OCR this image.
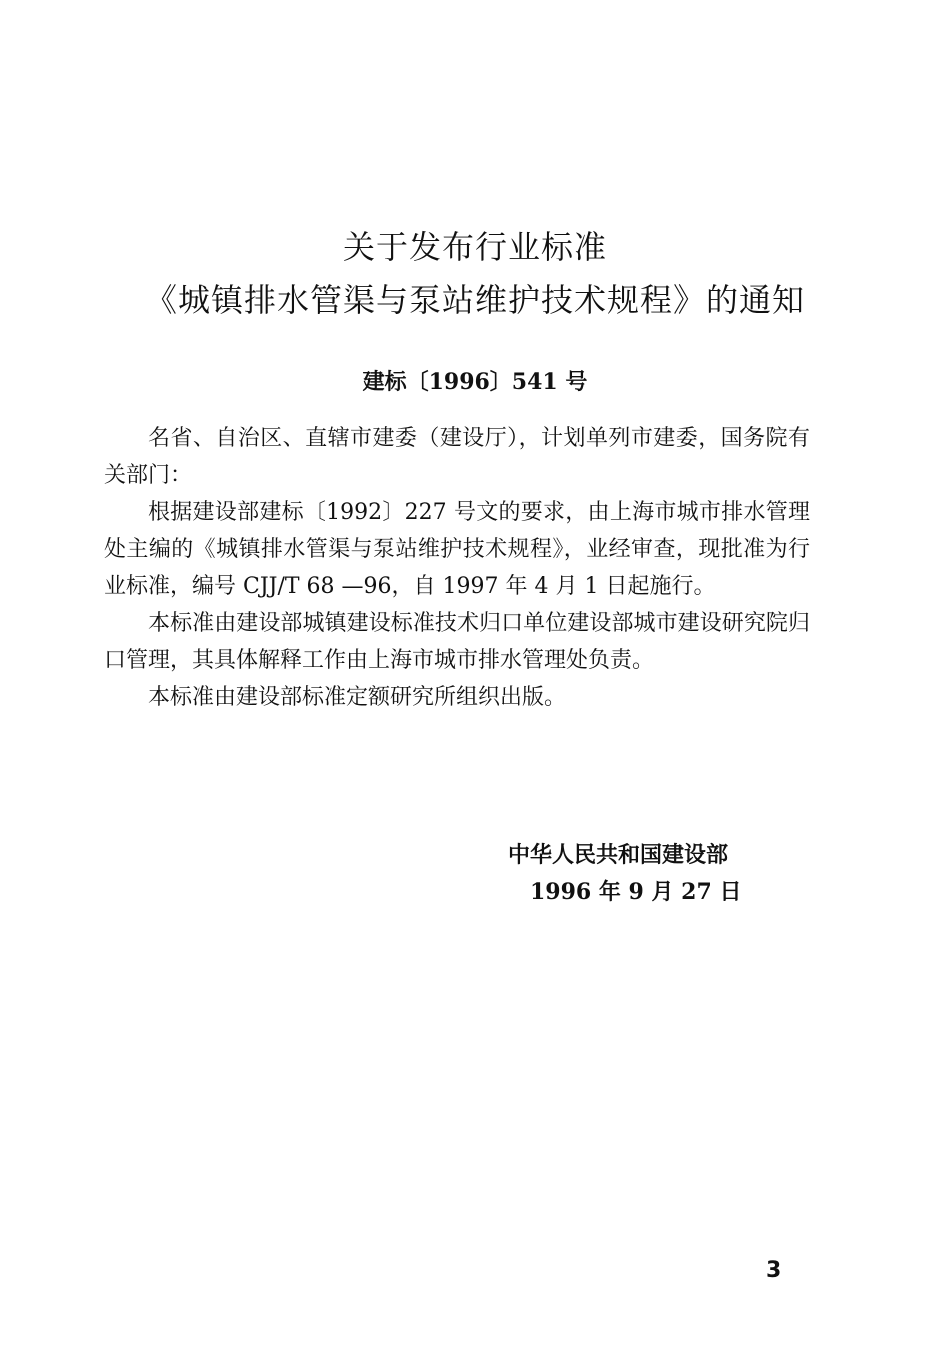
关于发布行业标准
《城镇排水管渠与泵站维护技术规程》的通知
建标〔1996〕541 号

名省、自治区、直辖市建委（建设厅），计划单列市建委，国务院有关部门：

根据建设部建标〔1992〕227 号文的要求，由上海市城市排水管理处主编的《城镇排水管渠与泵站维护技术规程》，业经审查，现批准为行业标准，编号 CJJ/T 68 —96，自 1997 年 4 月 1 日起施行。

本标准由建设部城镇建设标准技术归口单位建设部城市建设研究院归口管理，其具体解释工作由上海市城市排水管理处负责。

本标准由建设部标准定额研究所组织出版。

中华人民共和国建设部
1996 年 9 月 27 日
3
